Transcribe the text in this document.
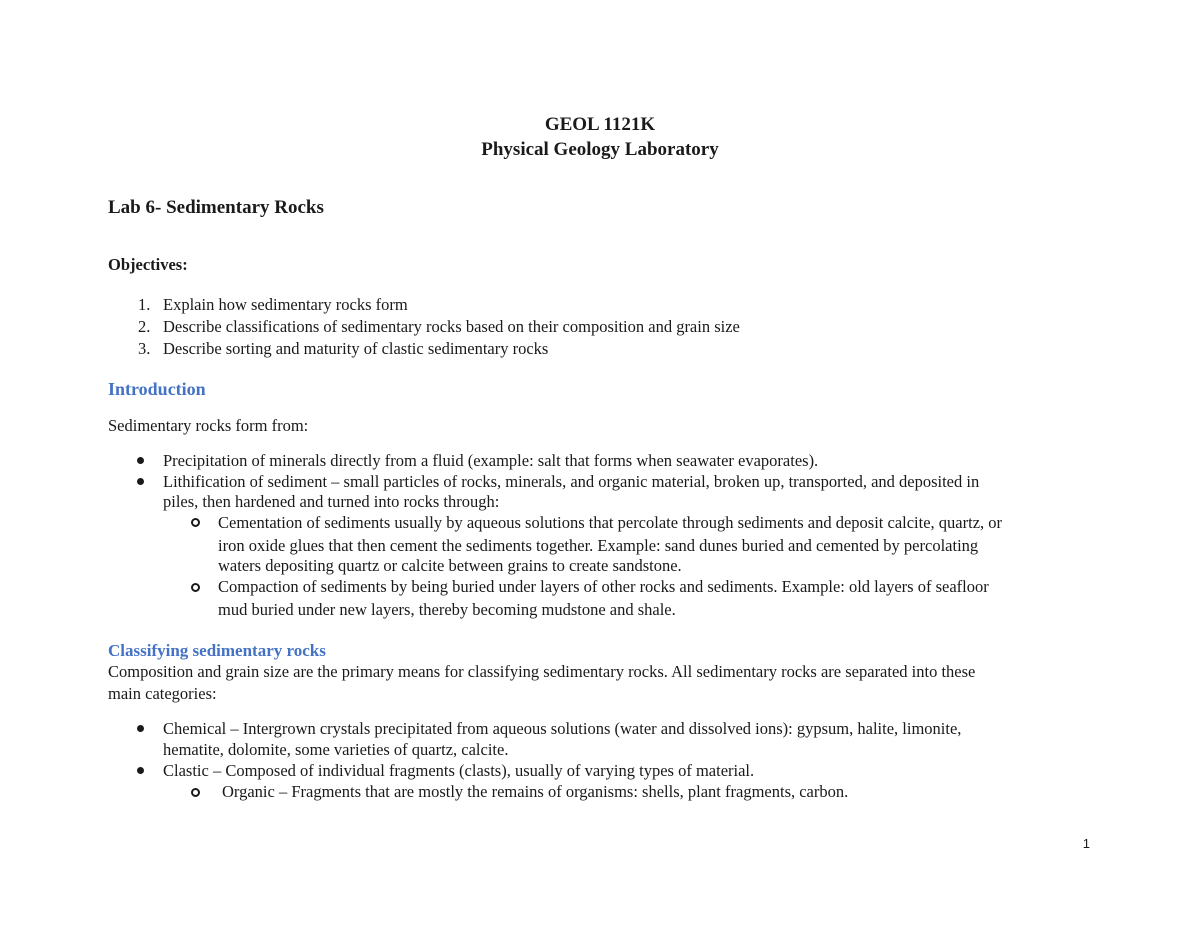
GEOL 1121K
Physical Geology Laboratory
Lab 6- Sedimentary Rocks
Objectives:
1. Explain how sedimentary rocks form
2. Describe classifications of sedimentary rocks based on their composition and grain size
3. Describe sorting and maturity of clastic sedimentary rocks
Introduction
Sedimentary rocks form from:
Precipitation of minerals directly from a fluid (example: salt that forms when seawater evaporates).
Lithification of sediment – small particles of rocks, minerals, and organic material, broken up, transported, and deposited in
piles, then hardened and turned into rocks through:
Cementation of sediments usually by aqueous solutions that percolate through sediments and deposit calcite, quartz, or
iron oxide glues that then cement the sediments together. Example: sand dunes buried and cemented by percolating
waters depositing quartz or calcite between grains to create sandstone.
Compaction of sediments by being buried under layers of other rocks and sediments. Example: old layers of seafloor
mud buried under new layers, thereby becoming mudstone and shale.
Classifying sedimentary rocks
Composition and grain size are the primary means for classifying sedimentary rocks. All sedimentary rocks are separated into these
main categories:
Chemical – Intergrown crystals precipitated from aqueous solutions (water and dissolved ions): gypsum, halite, limonite,
hematite, dolomite, some varieties of quartz, calcite.
Clastic – Composed of individual fragments (clasts), usually of varying types of material.
Organic – Fragments that are mostly the remains of organisms: shells, plant fragments, carbon.
1
